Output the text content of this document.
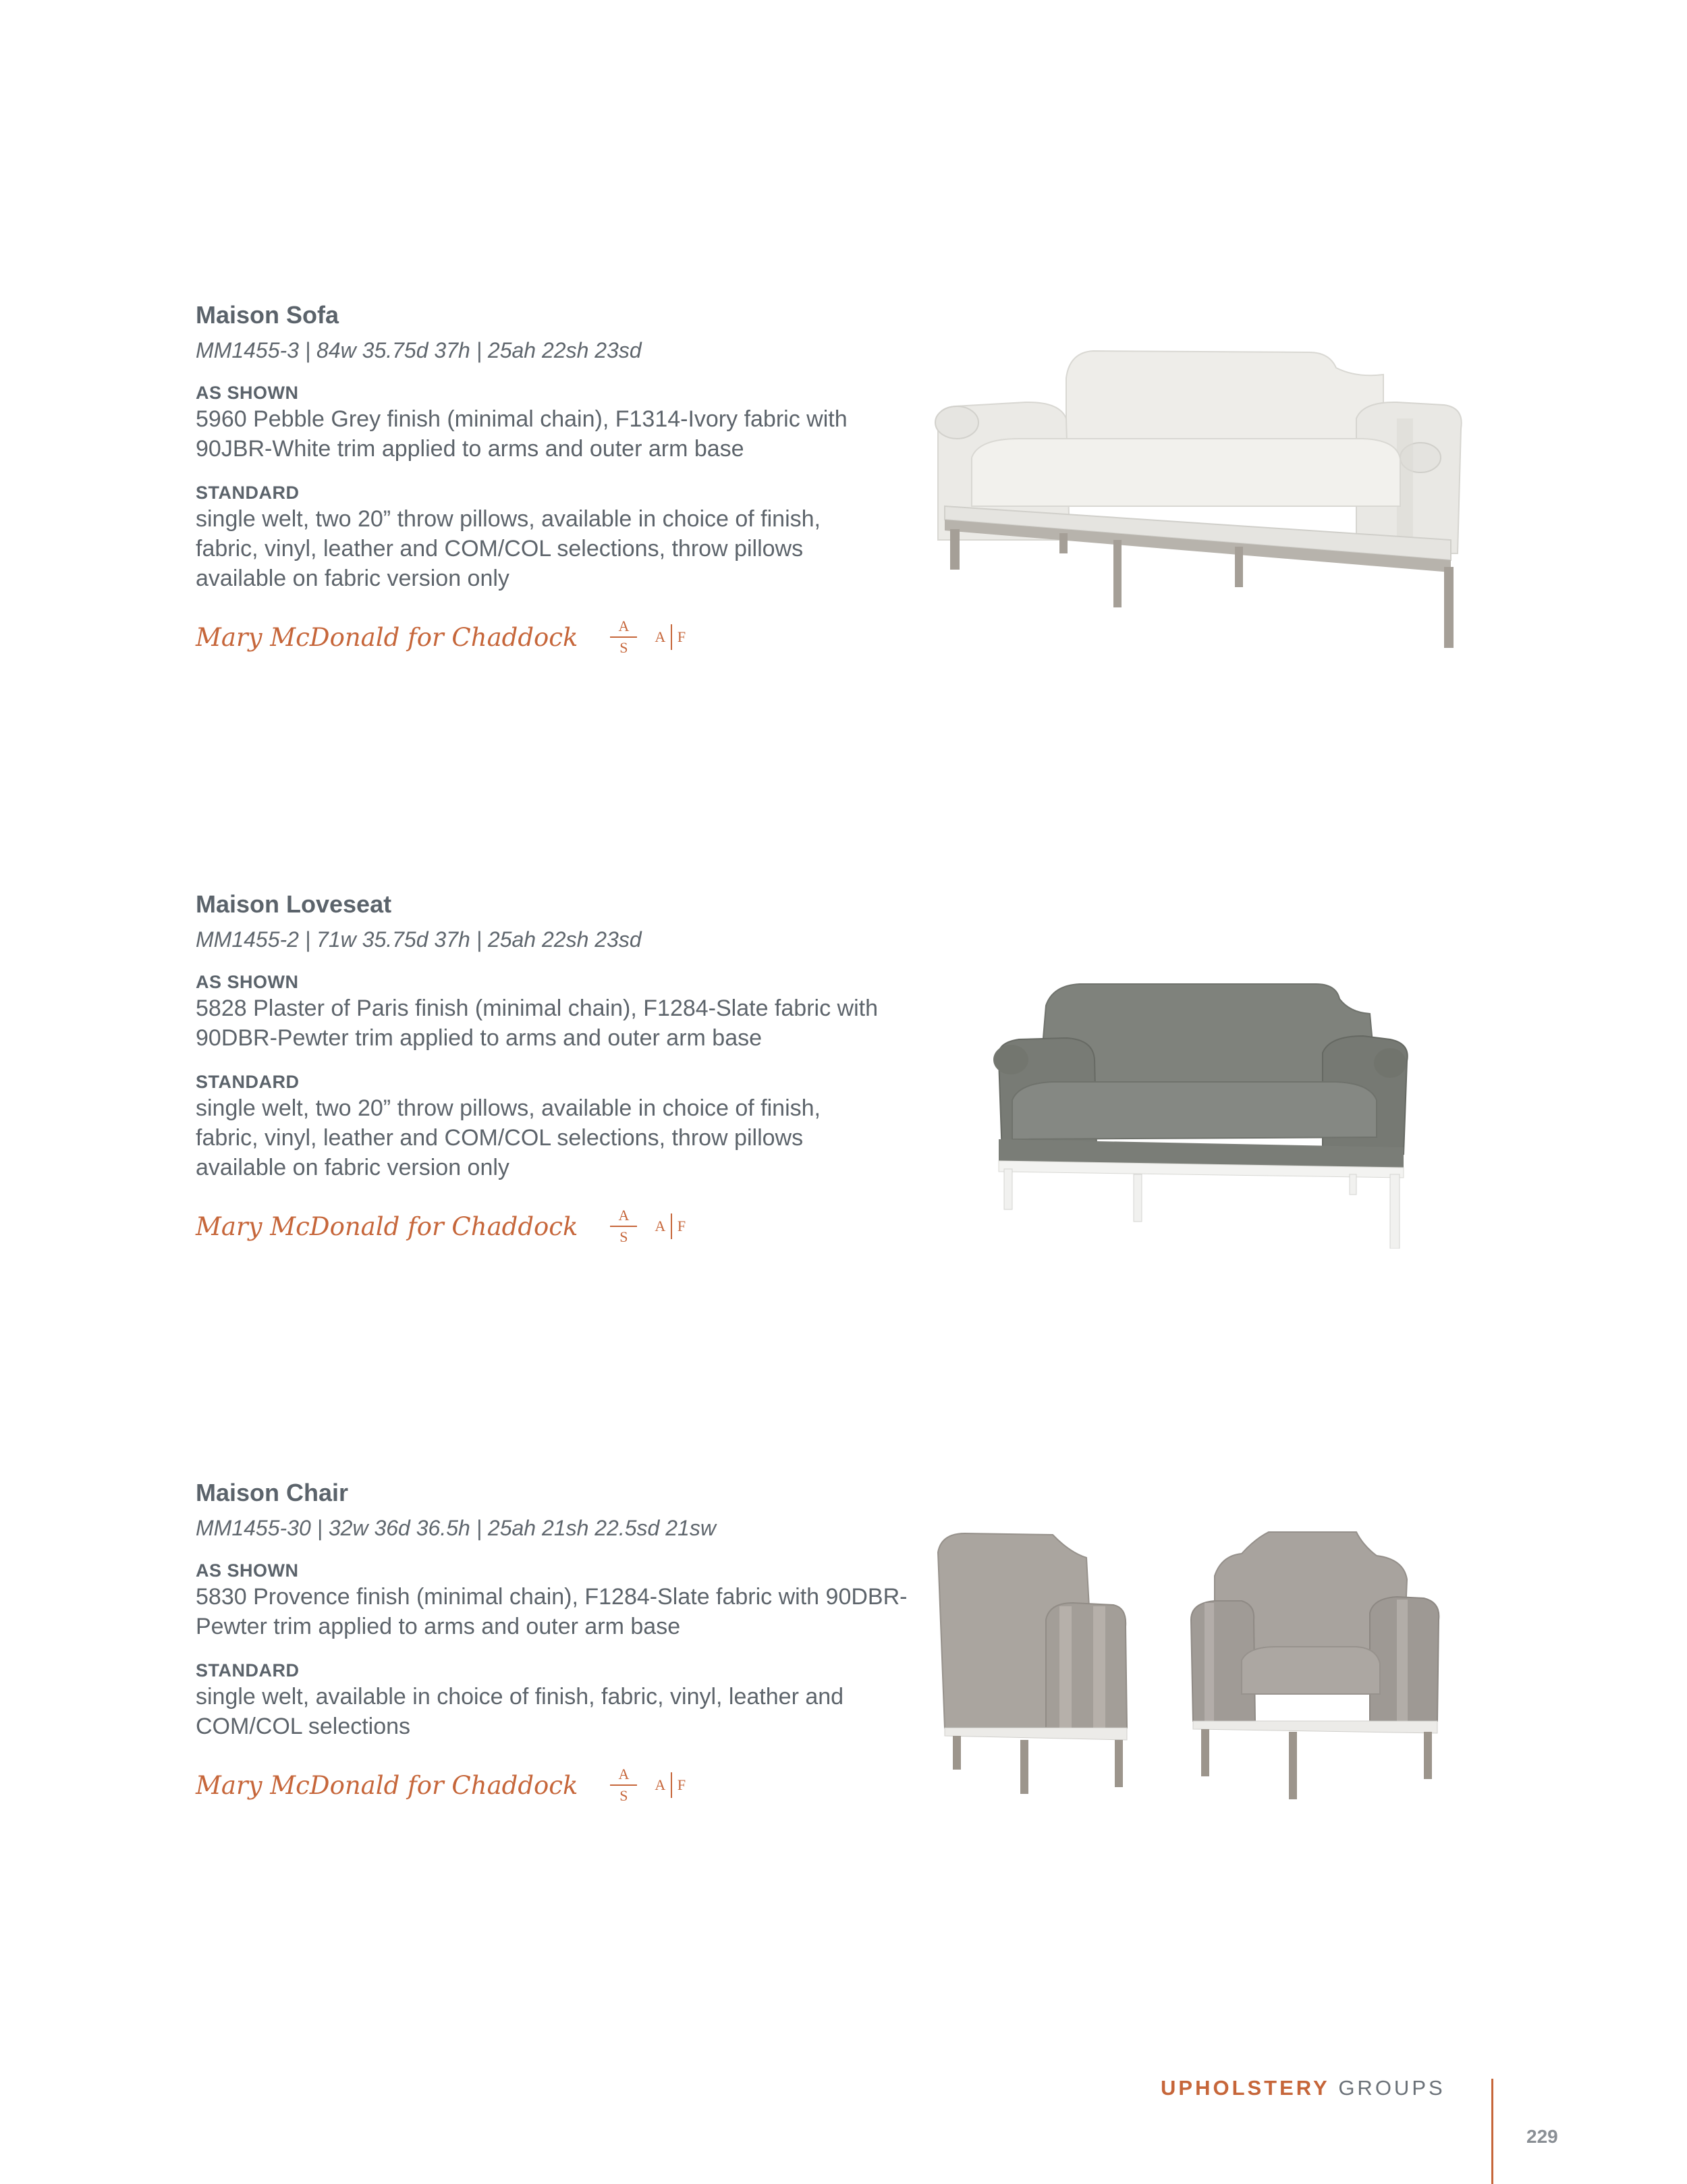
Maison Sofa
MM1455-3 | 84w 35.75d 37h | 25ah 22sh 23sd
AS SHOWN
5960 Pebble Grey finish (minimal chain), F1314-Ivory fabric with 90JBR-White trim applied to arms and outer arm base
STANDARD
single welt, two 20” throw pillows, available in choice of finish, fabric, vinyl, leather and COM/COL selections, throw pillows available on fabric version only
Mary McDonald for Chaddock $\frac{A}{S}$ A F
Maison Loveseat
MM1455-2 | 71w 35.75d 37h | 25ah 22sh 23sd
AS SHOWN
5828 Plaster of Paris finish (minimal chain), F1284-Slate fabric with 90DBR-Pewter trim applied to arms and outer arm base
STANDARD
single welt, two 20” throw pillows, available in choice of finish, fabric, vinyl, leather and COM/COL selections, throw pillows available on fabric version only
Mary McDonald for Chaddock $\frac{A}{S}$ A F
Maison Chair
MM1455-30 | 32w 36d 36.5h | 25ah 21sh 22.5sd 21sw
AS SHOWN
5830 Provence finish (minimal chain), F1284-Slate fabric with 90DBR-Pewter trim applied to arms and outer arm base
STANDARD
single welt, available in choice of finish, fabric, vinyl, leather and COM/COL selections
Mary McDonald for Chaddock $\frac{A}{S}$ A F
UPHOLSTERY GROUPS
229
